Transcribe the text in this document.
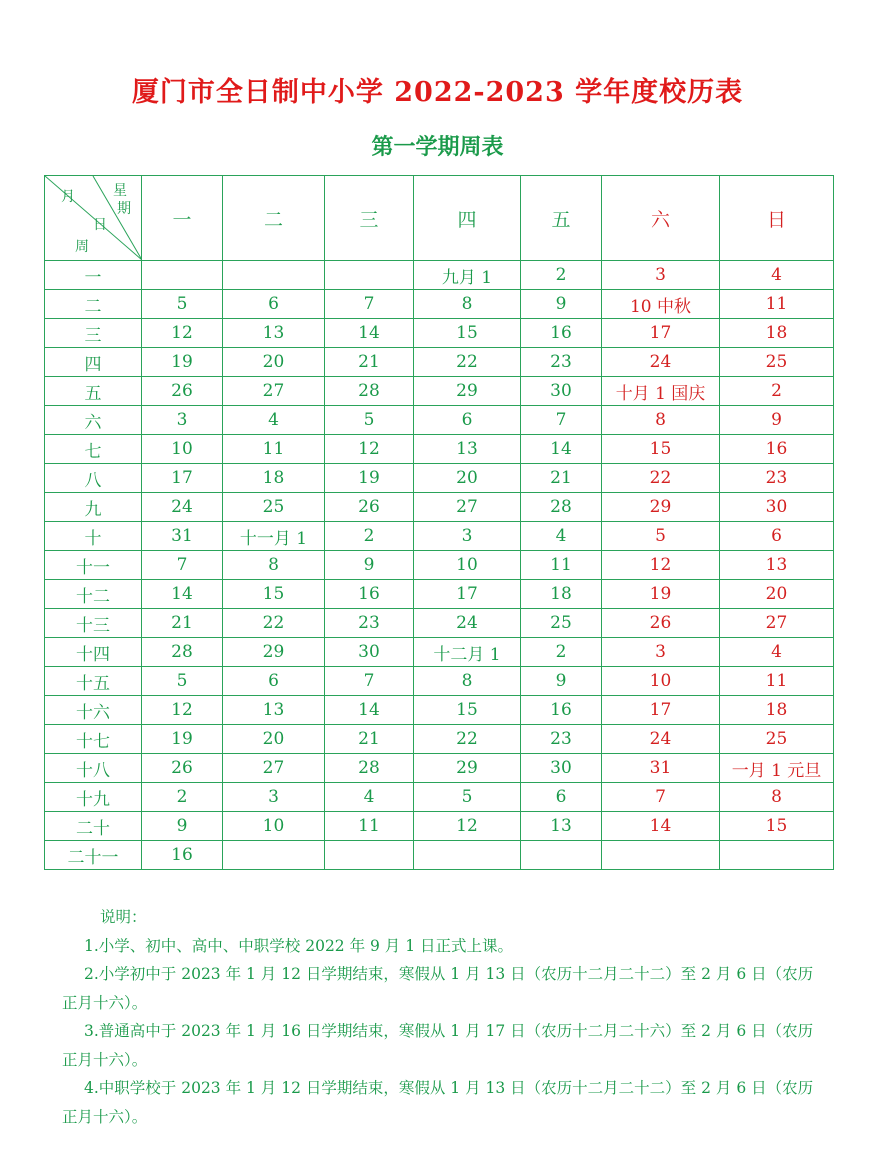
厦门市全日制中小学 2022-2023 学年度校历表
第一学期周表
月 星
期
日
周	一	二	三	四	五	六	日
一				九月 1	2	3	4
二	5	6	7	8	9	10 中秋	11
三	12	13	14	15	16	17	18
四	19	20	21	22	23	24	25
五	26	27	28	29	30	十月 1 国庆	2
六	3	4	5	6	7	8	9
七	10	11	12	13	14	15	16
八	17	18	19	20	21	22	23
九	24	25	26	27	28	29	30
十	31	十一月 1	2	3	4	5	6
十一	7	8	9	10	11	12	13
十二	14	15	16	17	18	19	20
十三	21	22	23	24	25	26	27
十四	28	29	30	十二月 1	2	3	4
十五	5	6	7	8	9	10	11
十六	12	13	14	15	16	17	18
十七	19	20	21	22	23	24	25
十八	26	27	28	29	30	31	一月 1 元旦
十九	2	3	4	5	6	7	8
二十	9	10	11	12	13	14	15
二十一	16						

说明：

1.小学、初中、高中、中职学校 2022 年 9 月 1 日正式上课。

2.小学初中于 2023 年 1 月 12 日学期结束，寒假从 1 月 13 日（农历十二月二十二）至 2 月 6 日（农历正月十六）。

3.普通高中于 2023 年 1 月 16 日学期结束，寒假从 1 月 17 日（农历十二月二十六）至 2 月 6 日（农历正月十六）。

4.中职学校于 2023 年 1 月 12 日学期结束，寒假从 1 月 13 日（农历十二月二十二）至 2 月 6 日（农历正月十六）。
